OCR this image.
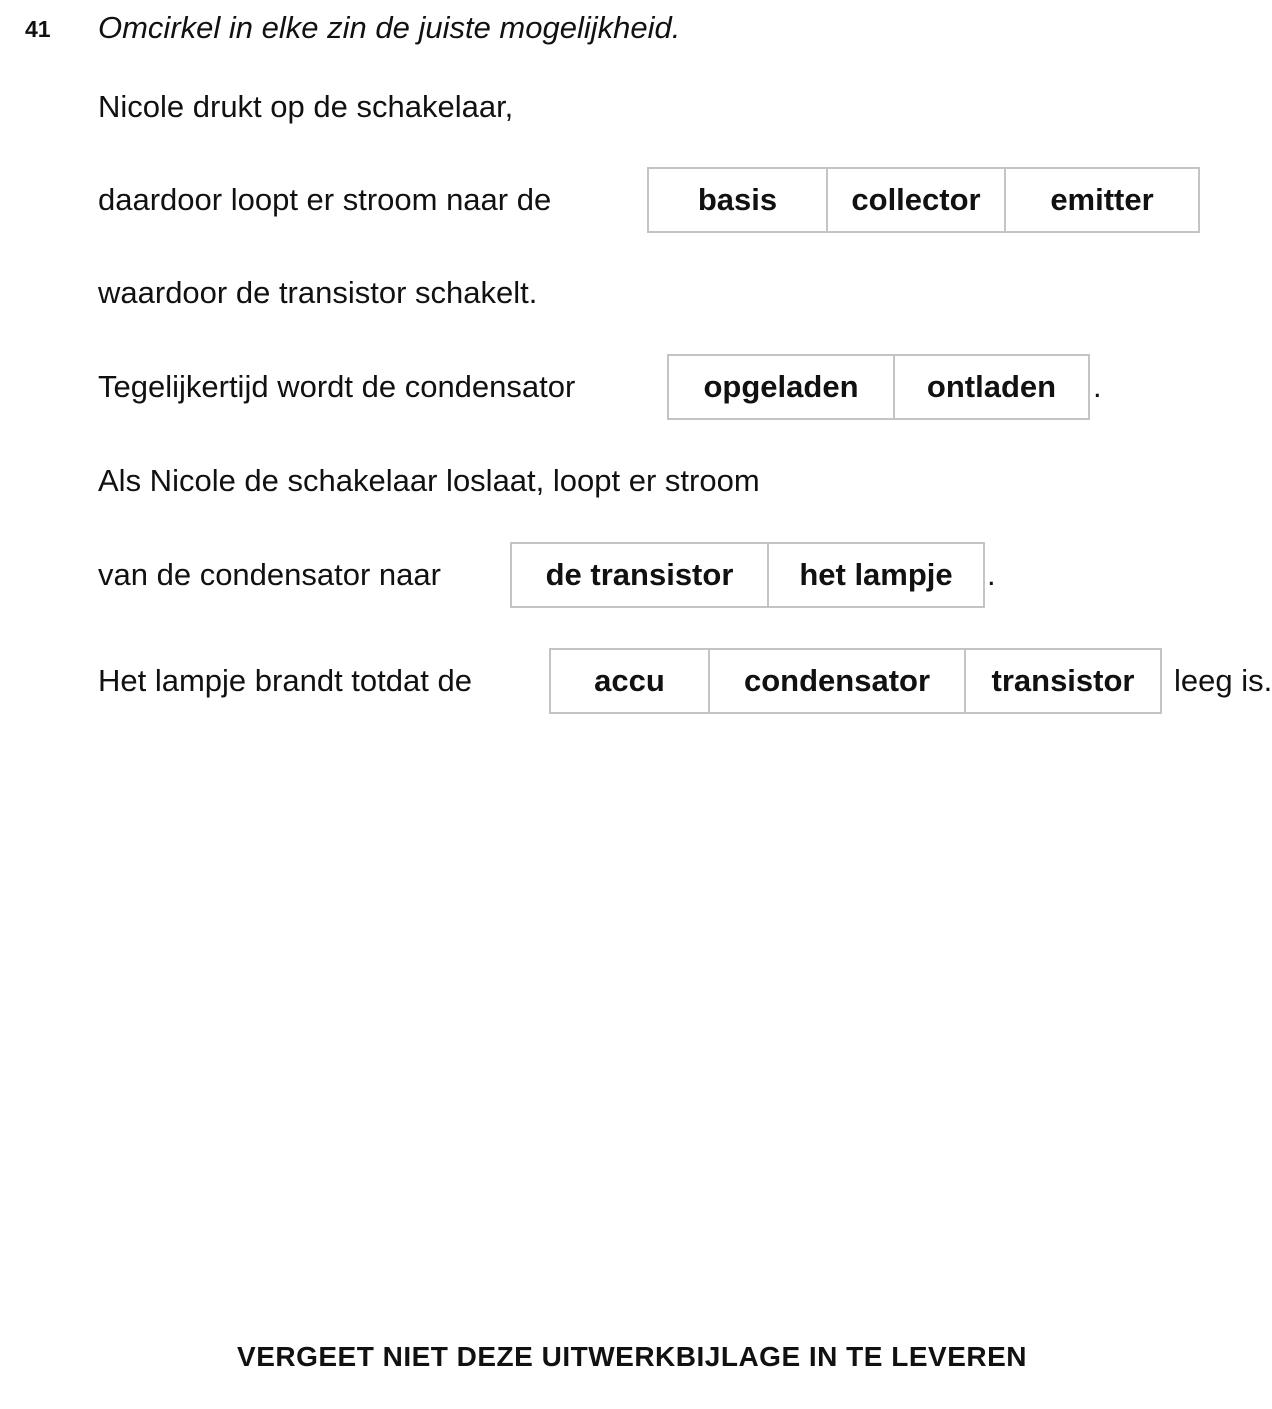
41 Omcirkel in elke zin de juiste mogelijkheid.
Nicole drukt op de schakelaar,
daardoor loopt er stroom naar de	basis	collector	emitter
waardoor de transistor schakelt.
Tegelijkertijd wordt de condensator	opgeladen	ontladen	.
Als Nicole de schakelaar loslaat, loopt er stroom
van de condensator naar	de transistor	het lampje	.
Het lampje brandt totdat de	accu	condensator	transistor	leeg is.
VERGEET NIET DEZE UITWERKBIJLAGE IN TE LEVEREN
